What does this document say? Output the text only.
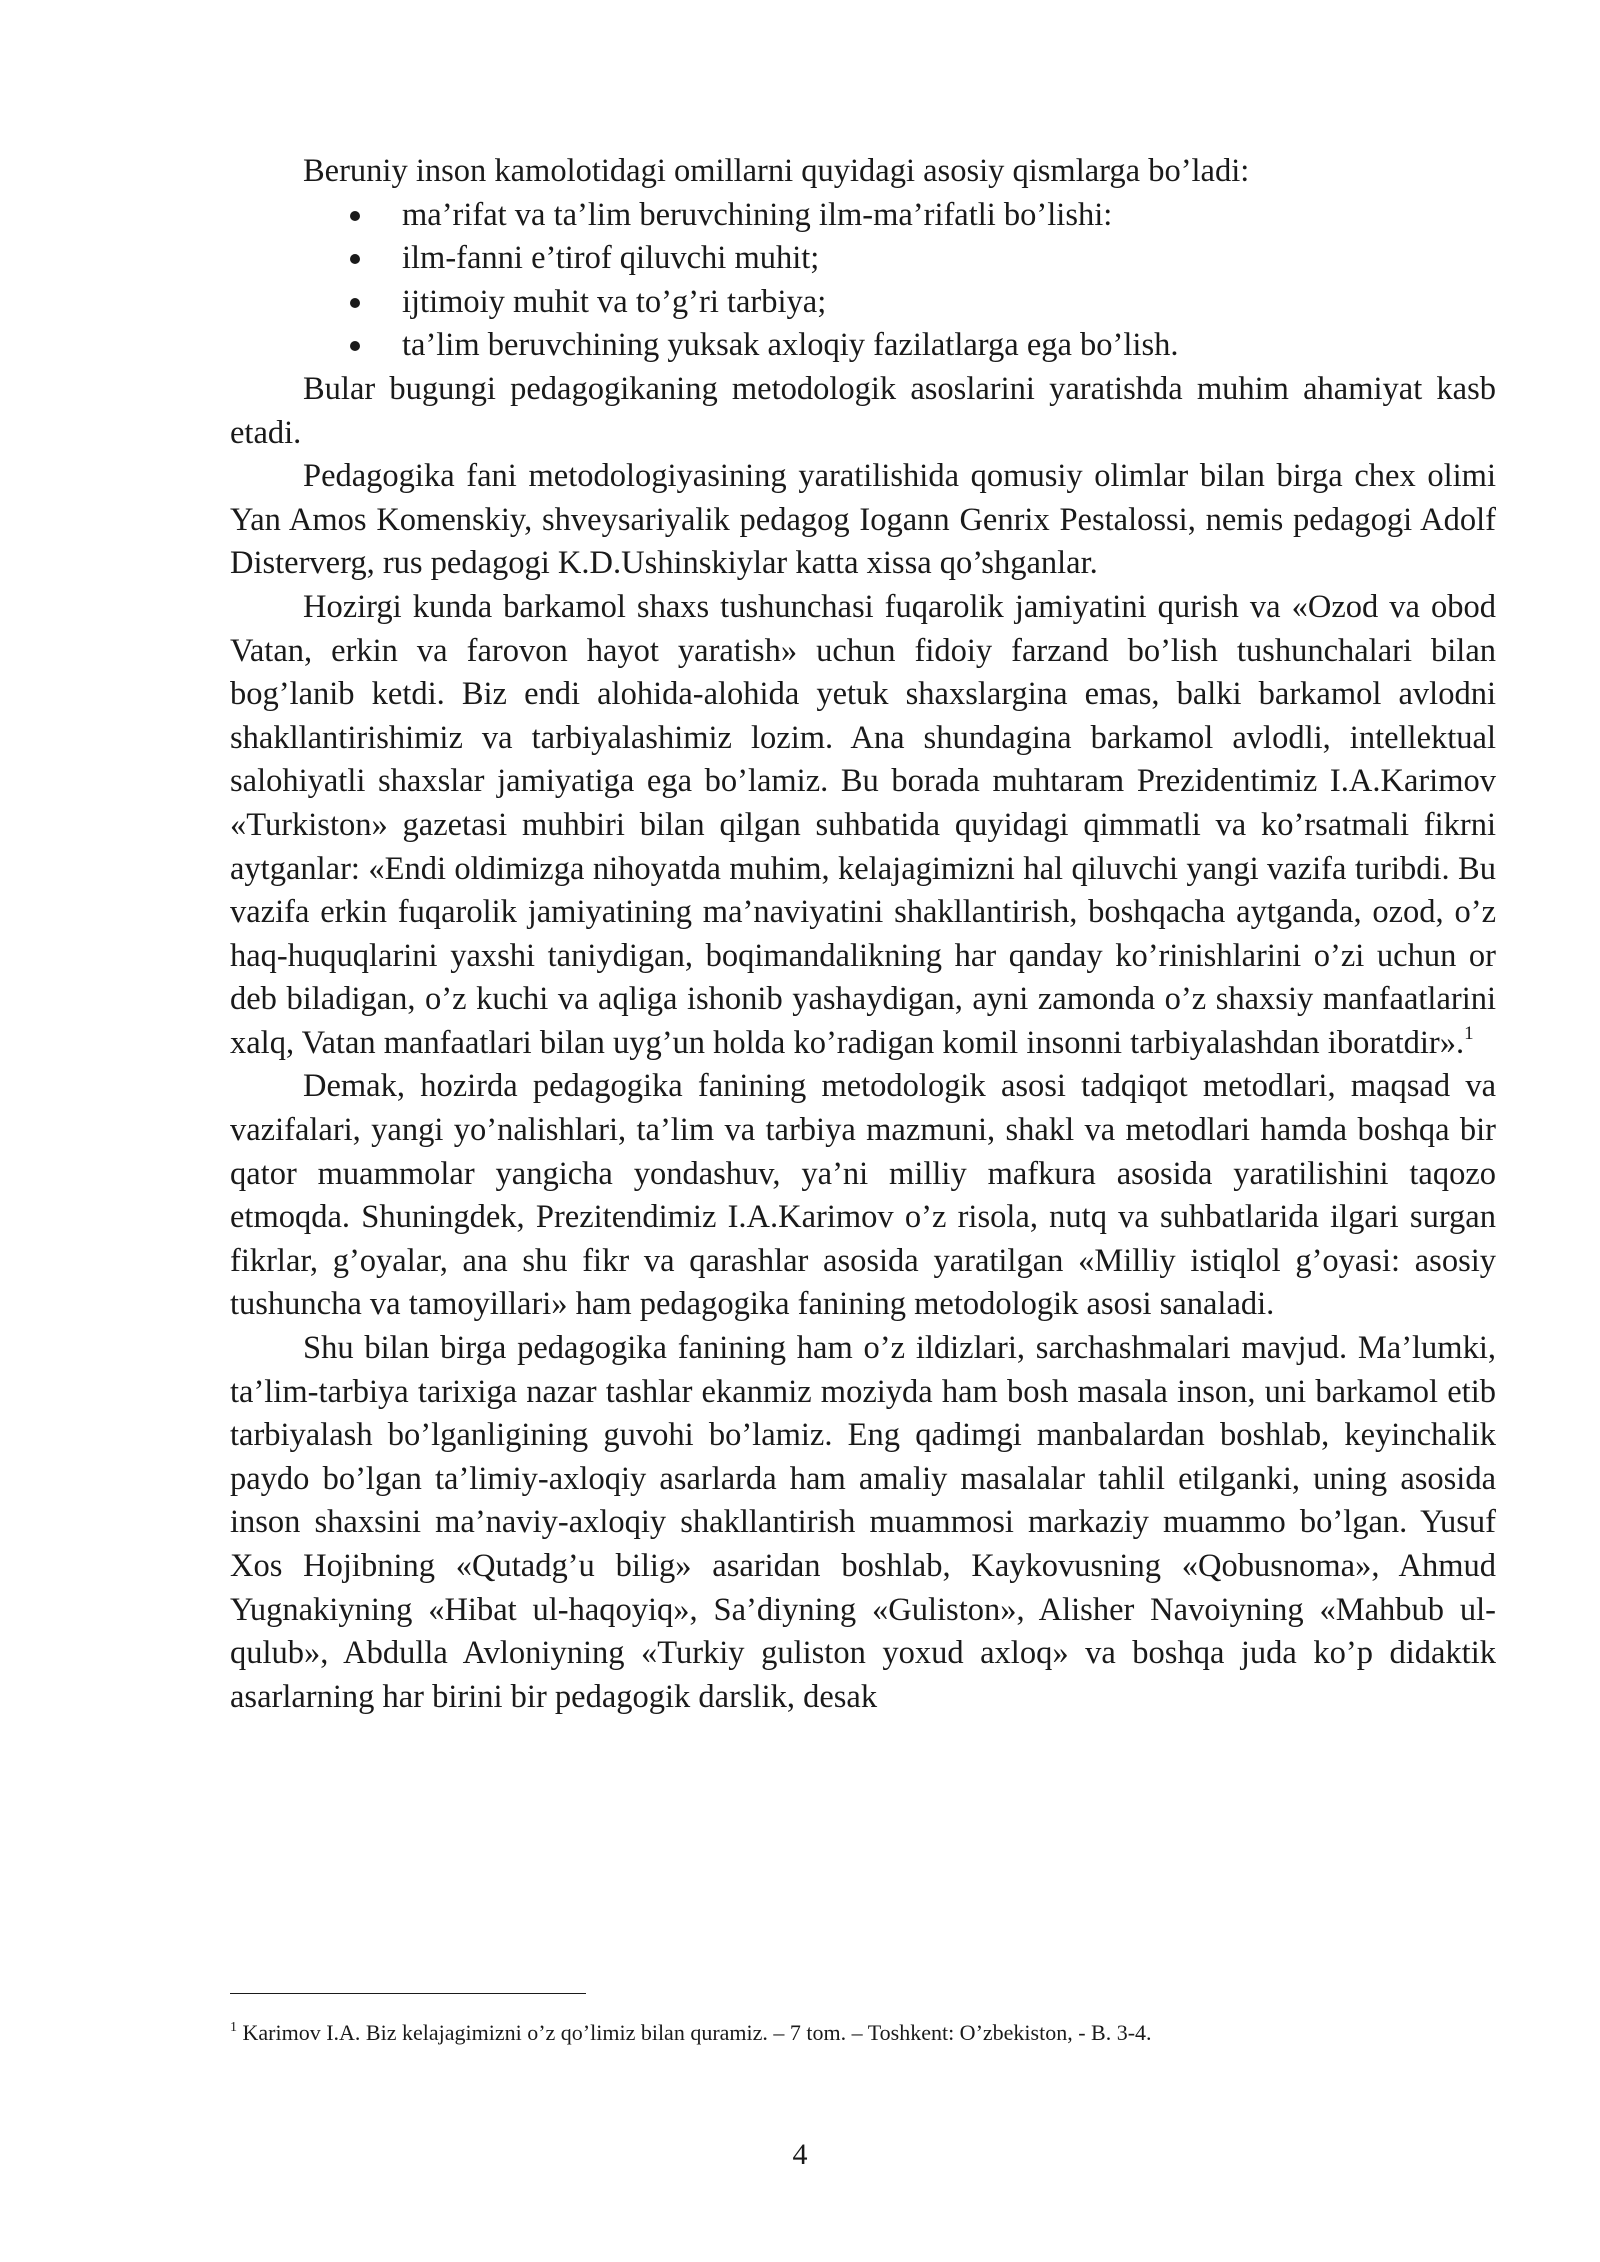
Beruniy inson kamolotidagi omillarni quyidagi asosiy qismlarga bo’ladi:

ma’rifat va ta’lim beruvchining ilm-ma’rifatli bo’lishi:
ilm-fanni e’tirof qiluvchi muhit;
ijtimoiy muhit va to’g’ri tarbiya;
ta’lim beruvchining yuksak axloqiy fazilatlarga ega bo’lish.

Bular bugungi pedagogikaning metodologik asoslarini yaratishda muhim ahamiyat kasb etadi.

Pedagogika fani metodologiyasining yaratilishida qomusiy olimlar bilan birga chex olimi Yan Amos Komenskiy, shveysariyalik pedagog Iogann Genrix Pestalossi, nemis pedagogi Adolf Disterverg, rus pedagogi K.D.Ushinskiylar katta xissa qo’shganlar.

Hozirgi kunda barkamol shaxs tushunchasi fuqarolik jamiyatini qurish va «Ozod va obod Vatan, erkin va farovon hayot yaratish» uchun fidoiy farzand bo’lish tushunchalari bilan bog’lanib ketdi. Biz endi alohida-alohida yetuk shaxslargina emas, balki barkamol avlodni shakllantirishimiz va tarbiyalashimiz lozim. Ana shundagina barkamol avlodli, intellektual salohiyatli shaxslar jamiyatiga ega bo’lamiz. Bu borada muhtaram Prezidentimiz I.A.Karimov «Turkiston» gazetasi muhbiri bilan qilgan suhbatida quyidagi qimmatli va ko’rsatmali fikrni aytganlar: «Endi oldimizga nihoyatda muhim, kelajagimizni hal qiluvchi yangi vazifa turibdi. Bu vazifa erkin fuqarolik jamiyatining ma’naviyatini shakllantirish, boshqacha aytganda, ozod, o’z haq-huquqlarini yaxshi taniydigan, boqimandalikning har qanday ko’rinishlarini o’zi uchun or deb biladigan, o’z kuchi va aqliga ishonib yashaydigan, ayni zamonda o’z shaxsiy manfaatlarini xalq, Vatan manfaatlari bilan uyg’un holda ko’radigan komil insonni tarbiyalashdan iboratdir».$^1$

Demak, hozirda pedagogika fanining metodologik asosi tadqiqot metodlari, maqsad va vazifalari, yangi yo’nalishlari, ta’lim va tarbiya mazmuni, shakl va metodlari hamda boshqa bir qator muammolar yangicha yondashuv, ya’ni milliy mafkura asosida yaratilishini taqozo etmoqda. Shuningdek, Prezitendimiz I.A.Karimov o’z risola, nutq va suhbatlarida ilgari surgan fikrlar, g’oyalar, ana shu fikr va qarashlar asosida yaratilgan «Milliy istiqlol g’oyasi: asosiy tushuncha va tamoyillari» ham pedagogika fanining metodologik asosi sanaladi.

Shu bilan birga pedagogika fanining ham o’z ildizlari, sarchashmalari mavjud. Ma’lumki, ta’lim-tarbiya tarixiga nazar tashlar ekanmiz moziyda ham bosh masala inson, uni barkamol etib tarbiyalash bo’lganligining guvohi bo’lamiz. Eng qadimgi manbalardan boshlab, keyinchalik paydo bo’lgan ta’limiy-axloqiy asarlarda ham amaliy masalalar tahlil etilganki, uning asosida inson shaxsini ma’naviy-axloqiy shakllantirish muammosi markaziy muammo bo’lgan. Yusuf Xos Hojibning «Qutadg’u bilig» asaridan boshlab, Kaykovusning «Qobusnoma», Ahmud Yugnakiyning «Hibat ul-haqoyiq», Sa’diyning «Guliston», Alisher Navoiyning «Mahbub ul-qulub», Abdulla Avloniyning «Turkiy guliston yoxud axloq» va boshqa juda ko’p didaktik asarlarning har birini bir pedagogik darslik, desak

$^1$ Karimov I.A. Biz kelajagimizni o’z qo’limiz bilan quramiz. – 7 tom. – Toshkent: O’zbekiston, - B. 3-4.
4
